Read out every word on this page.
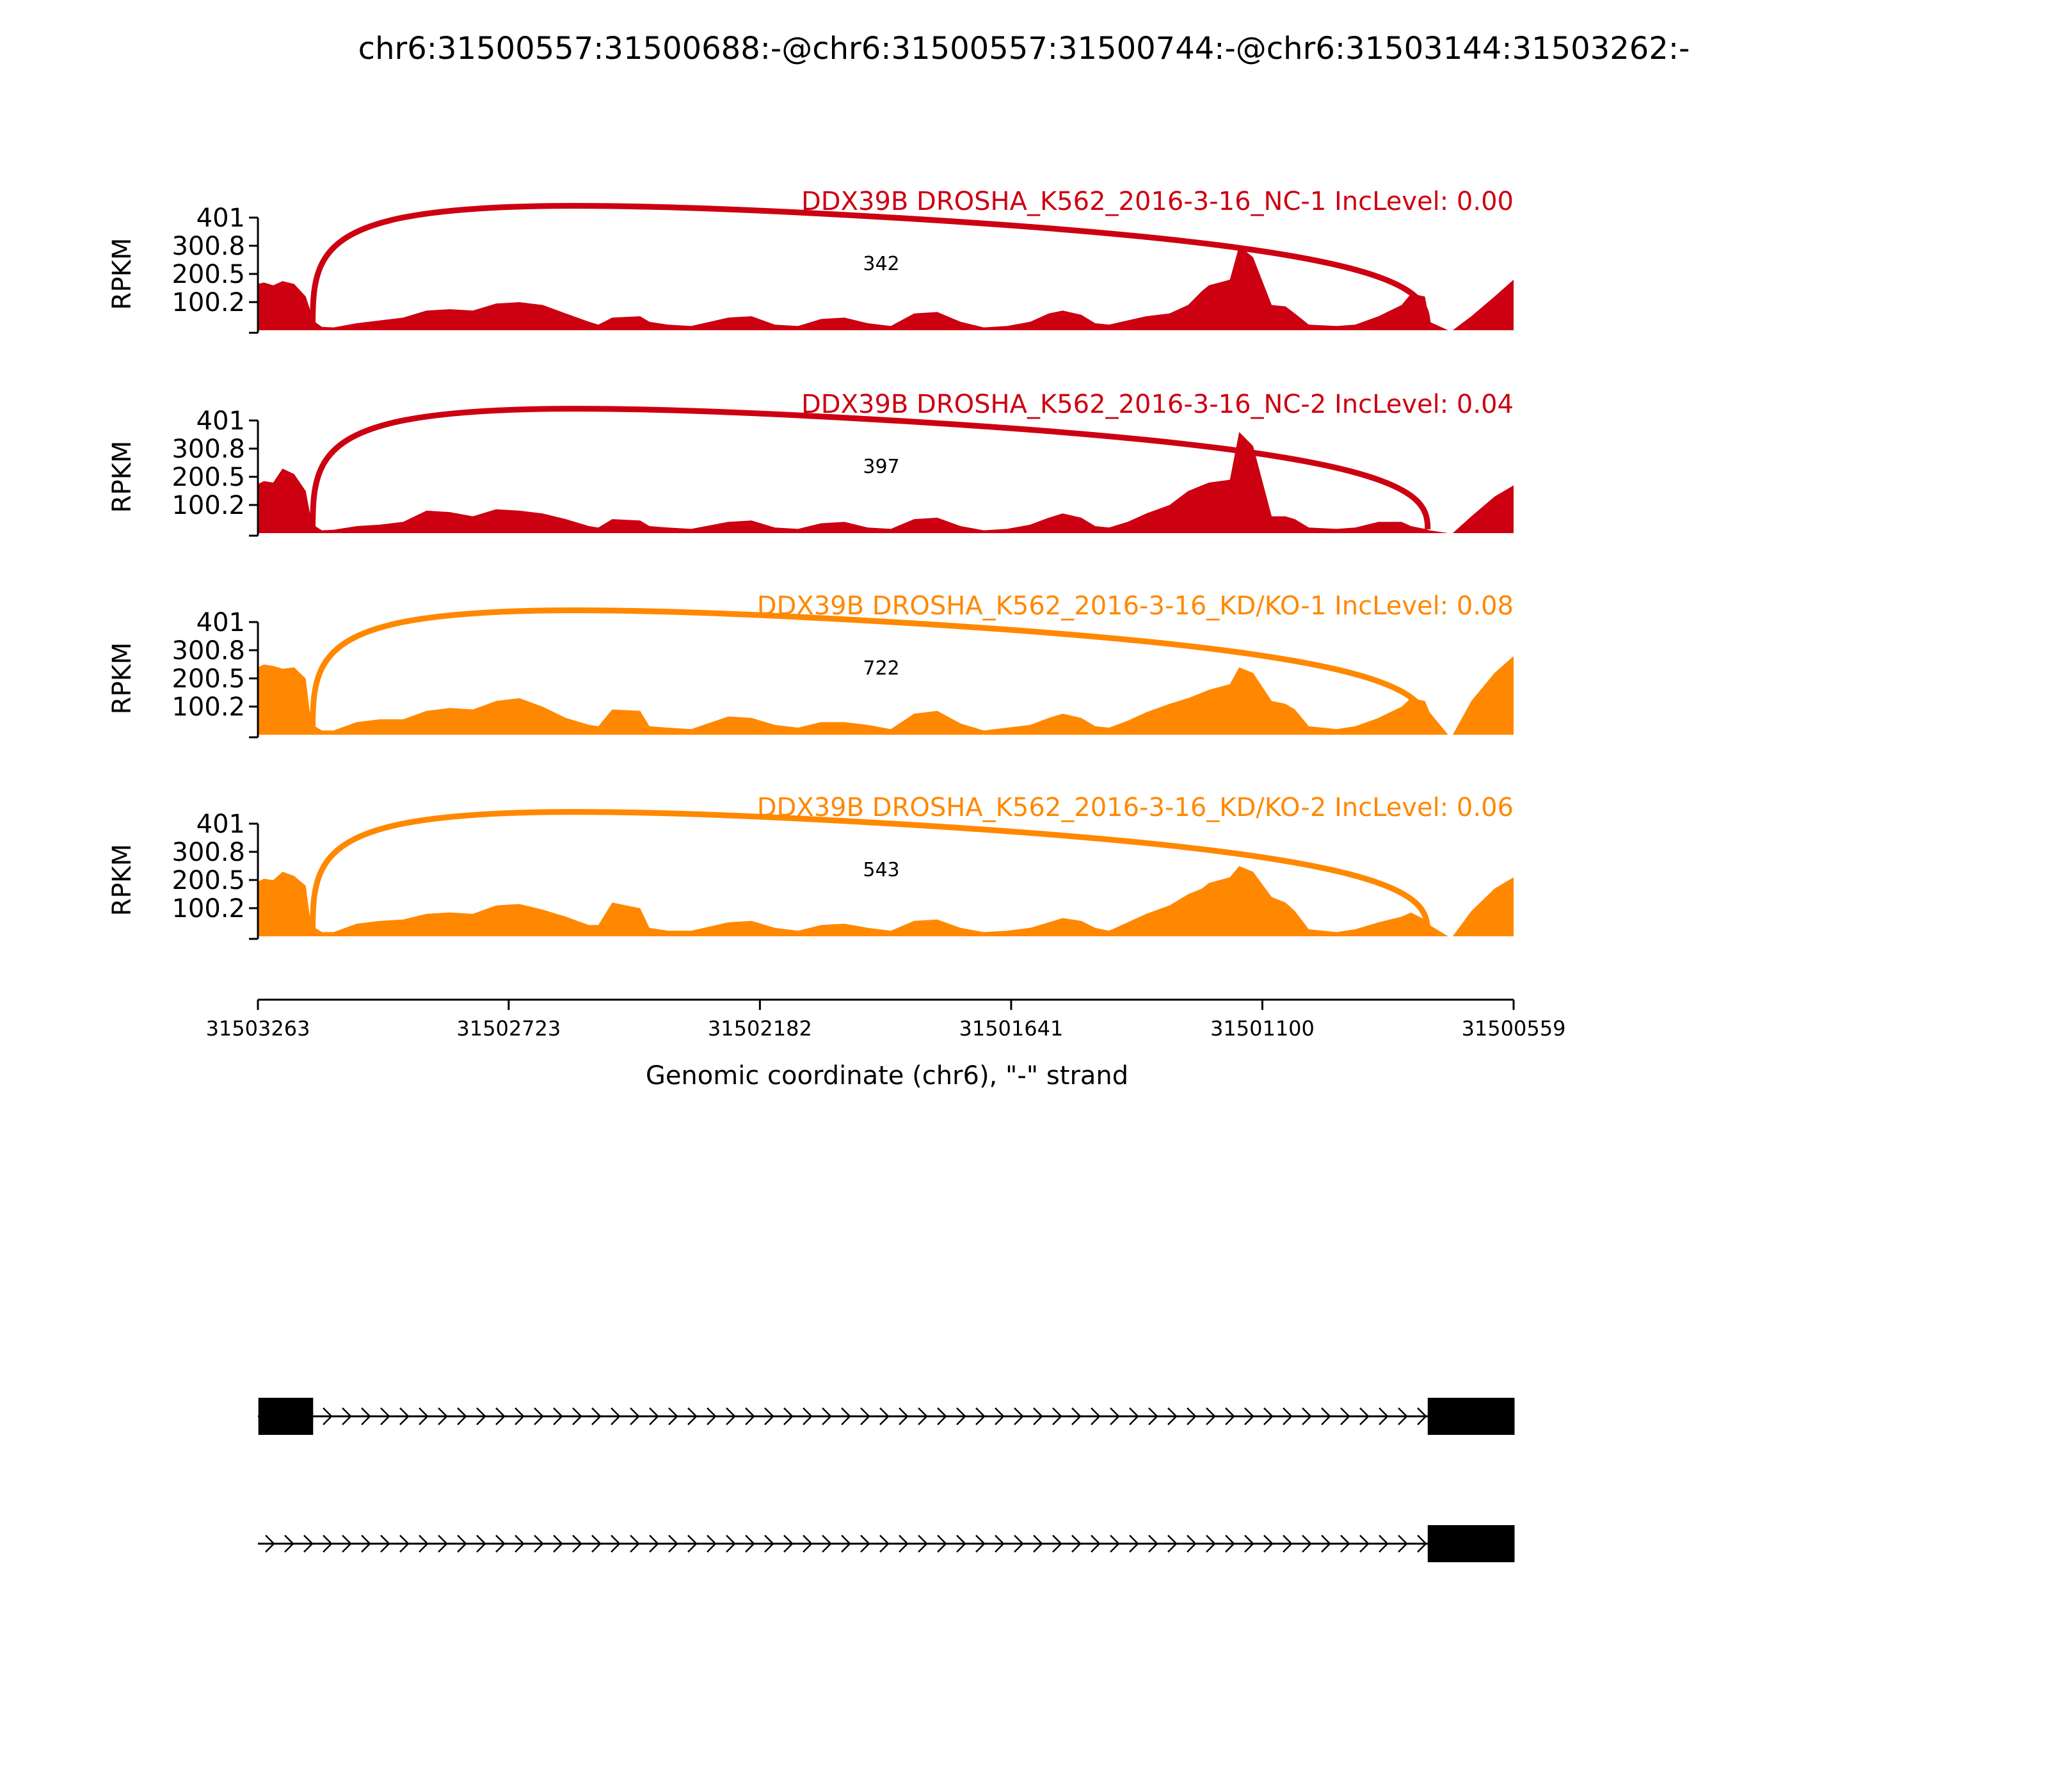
chr6:31500557:31500688:-@chr6:31500557:31500744:-@chr6:31503144:31503262:-
100.2
200.5
300.8
401
RPKM
DDX39B DROSHA_K562_2016-3-16_NC-1 IncLevel: 0.00
342
100.2
200.5
300.8
401
RPKM
DDX39B DROSHA_K562_2016-3-16_NC-2 IncLevel: 0.04
397
100.2
200.5
300.8
401
RPKM
DDX39B DROSHA_K562_2016-3-16_KD/KO-1 IncLevel: 0.08
722
100.2
200.5
300.8
401
RPKM
DDX39B DROSHA_K562_2016-3-16_KD/KO-2 IncLevel: 0.06
543
31503263	31502723	31502182	31501641	31501100	31500559
Genomic coordinate (chr6), "-" strand
